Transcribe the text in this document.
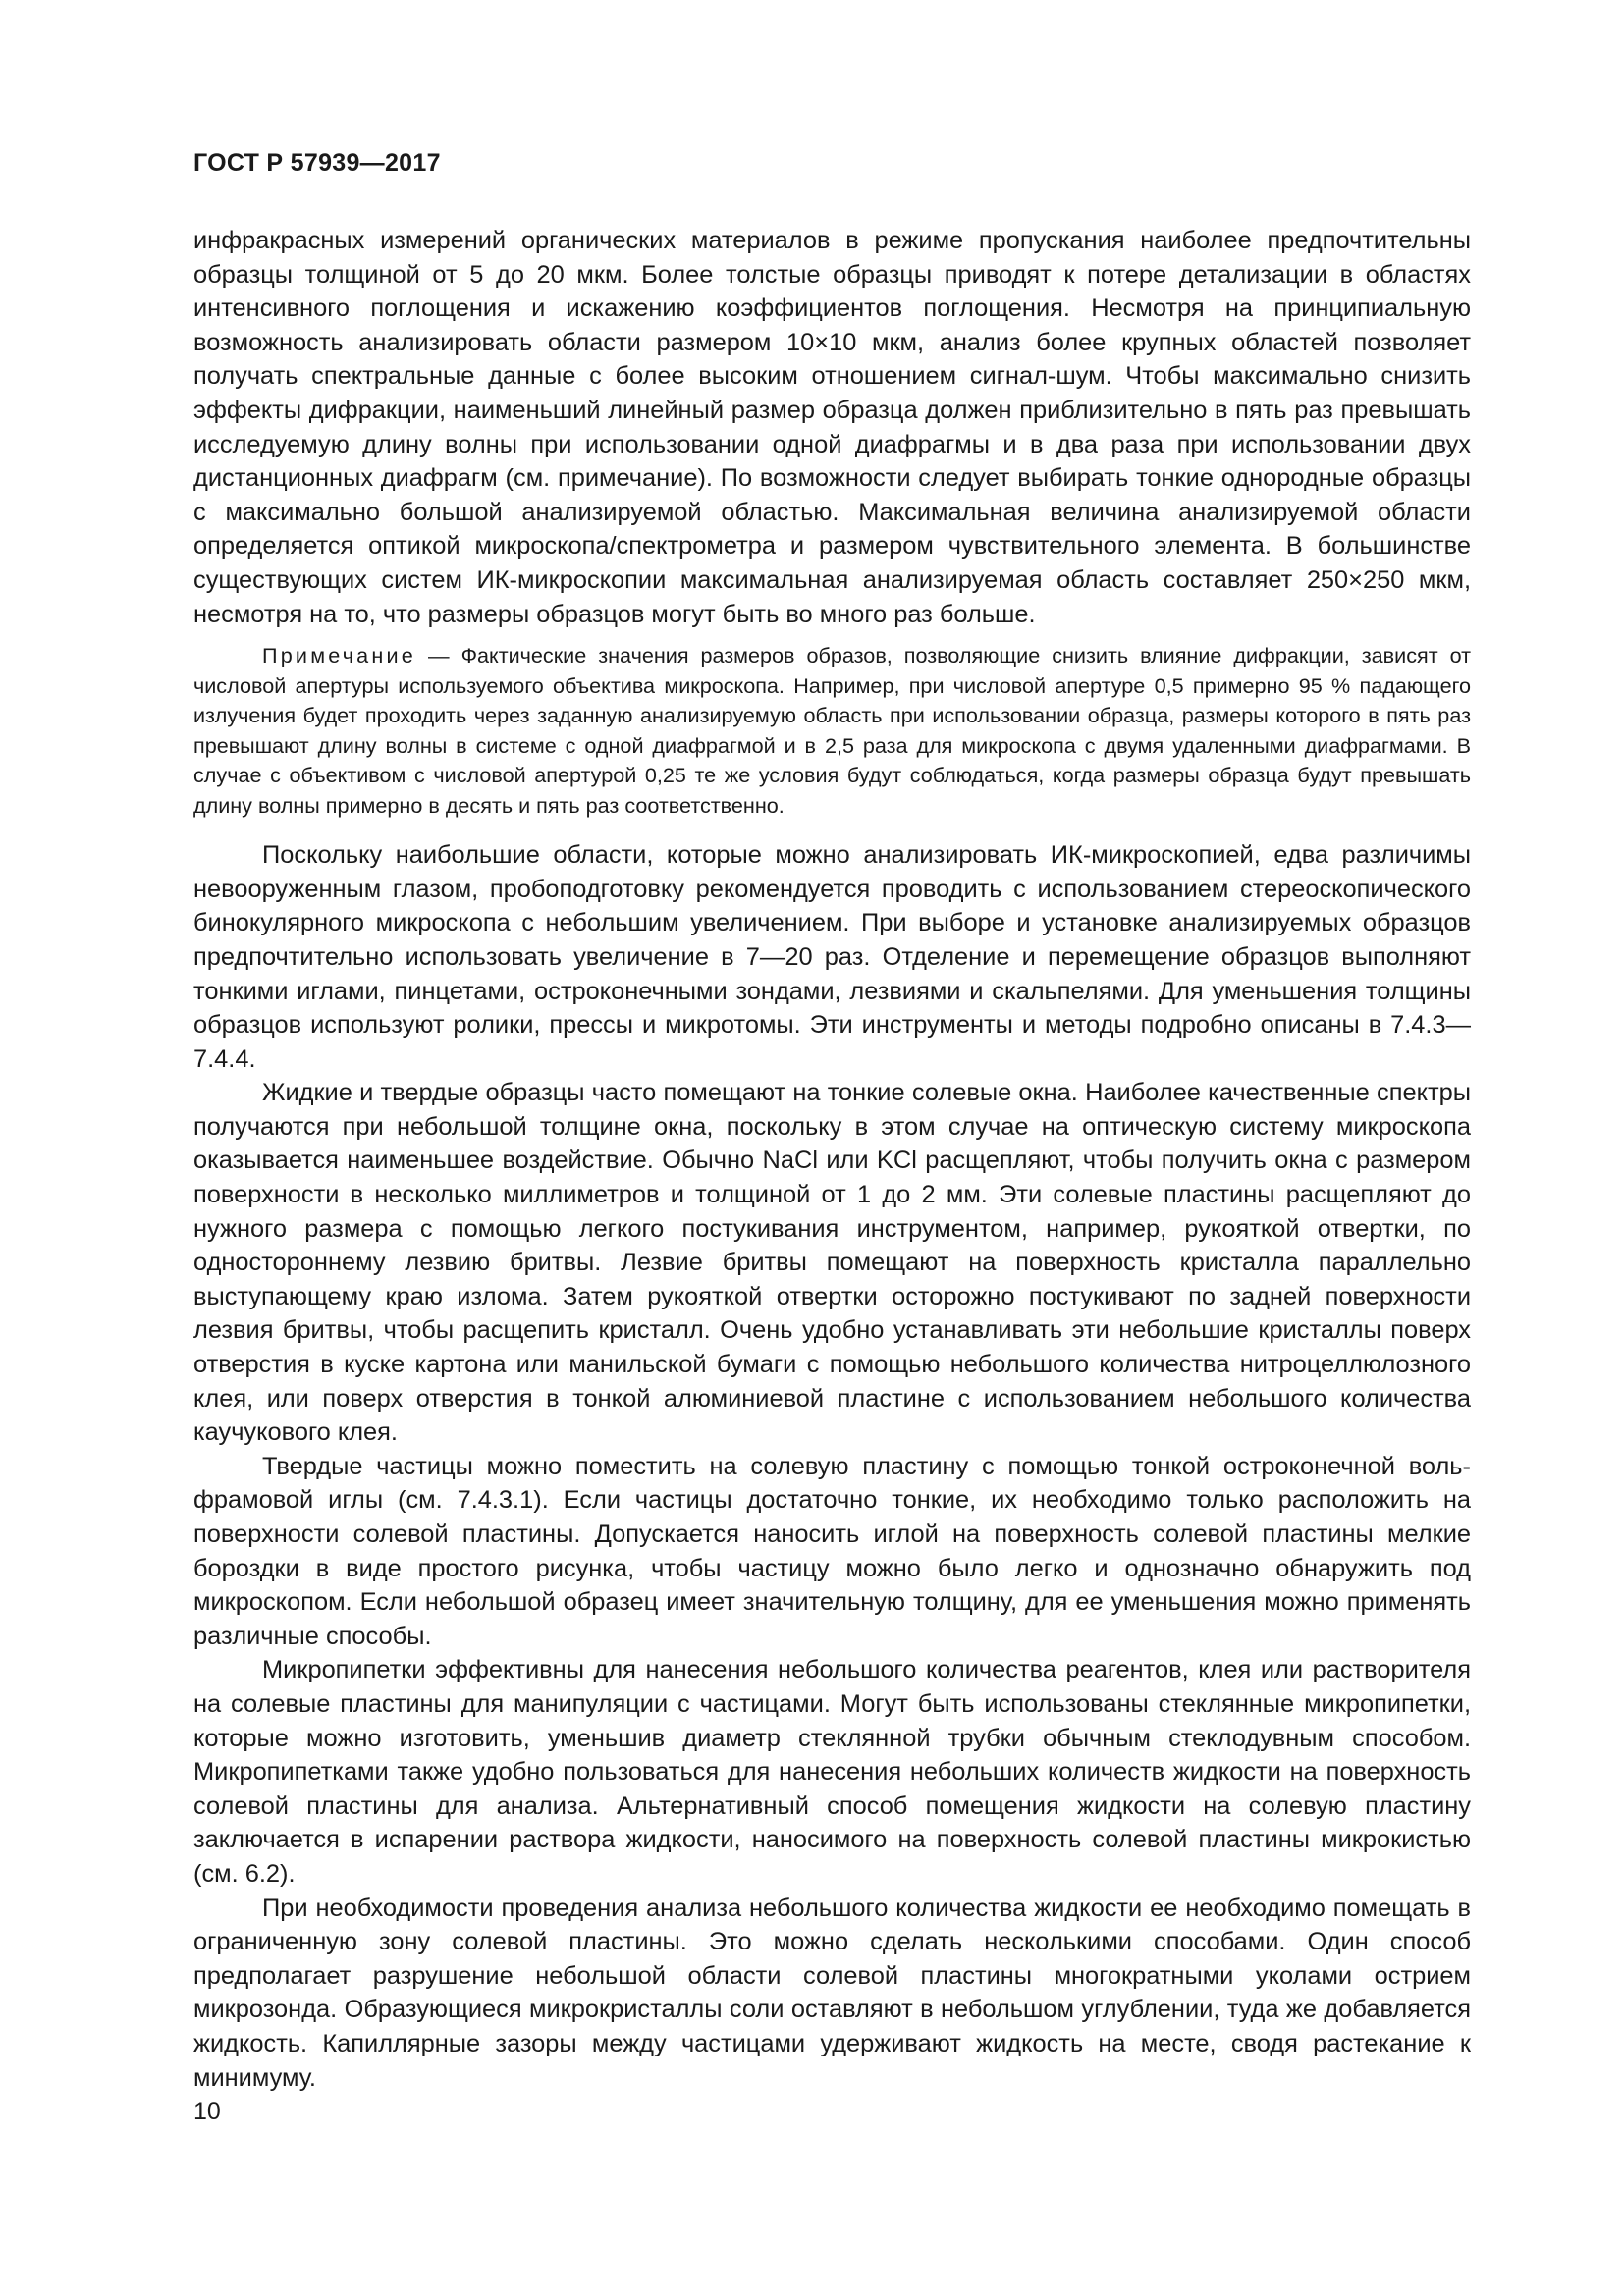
ГОСТ Р 57939—2017

инфракрасных измерений органических материалов в режиме пропускания наиболее предпочтительны образцы толщиной от 5 до 20 мкм. Более толстые образцы приводят к потере детализации в областях интенсивного поглощения и искажению коэффициентов поглощения. Несмотря на принципиальную возможность анализировать области размером 10×10 мкм, анализ более крупных областей позволяет получать спектральные данные с более высоким отношением сигнал-шум. Чтобы максимально снизить эффекты дифракции, наименьший линейный размер образца должен приблизительно в пять раз превышать исследуемую длину волны при использовании одной диафрагмы и в два раза при использовании двух дистанционных диафрагм (см. примечание). По возможности следует выбирать тонкие однородные образцы с максимально большой анализируемой областью. Максимальная величина анализируемой области определяется оптикой микроскопа/спектрометра и размером чувствительного элемента. В большинстве существующих систем ИК-микроскопии максимальная анализируемая область составляет 250×250 мкм, несмотря на то, что размеры образцов могут быть во много раз больше.

Примечание — Фактические значения размеров образов, позволяющие снизить влияние дифракции, зависят от числовой апертуры используемого объектива микроскопа. Например, при числовой апертуре 0,5 примерно 95 % падающего излучения будет проходить через заданную анализируемую область при использовании образца, размеры которого в пять раз превышают длину волны в системе с одной диафрагмой и в 2,5 раза для микроскопа с двумя удаленными диафрагмами. В случае с объективом с числовой апертурой 0,25 те же условия будут соблюдаться, когда размеры образца будут превышать длину волны примерно в десять и пять раз соответственно.

Поскольку наибольшие области, которые можно анализировать ИК-микроскопией, едва различимы невооруженным глазом, пробоподготовку рекомендуется проводить с использованием стереоскопического бинокулярного микроскопа с небольшим увеличением. При выборе и установке анализируемых образцов предпочтительно использовать увеличение в 7—20 раз. Отделение и перемещение образцов выполняют тонкими иглами, пинцетами, остроконечными зондами, лезвиями и скальпелями. Для уменьшения толщины образцов используют ролики, прессы и микротомы. Эти инструменты и методы подробно описаны в 7.4.3—7.4.4.

Жидкие и твердые образцы часто помещают на тонкие солевые окна. Наиболее качественные спектры получаются при небольшой толщине окна, поскольку в этом случае на оптическую систему микроскопа оказывается наименьшее воздействие. Обычно NaCl или KCl расщепляют, чтобы получить окна с размером поверхности в несколько миллиметров и толщиной от 1 до 2 мм. Эти солевые пластины расщепляют до нужного размера с помощью легкого постукивания инструментом, например, рукояткой отвертки, по одностороннему лезвию бритвы. Лезвие бритвы помещают на поверхность кристалла параллельно выступающему краю излома. Затем рукояткой отвертки осторожно постукивают по задней поверхности лезвия бритвы, чтобы расщепить кристалл. Очень удобно устанавливать эти небольшие кристаллы поверх отверстия в куске картона или манильской бумаги с помощью небольшого количества нитроцеллюлозного клея, или поверх отверстия в тонкой алюминиевой пластине с использованием небольшого количества каучукового клея.

Твердые частицы можно поместить на солевую пластину с помощью тонкой остроконечной вольфрамовой иглы (см. 7.4.3.1). Если частицы достаточно тонкие, их необходимо только расположить на поверхности солевой пластины. Допускается наносить иглой на поверхность солевой пластины мелкие бороздки в виде простого рисунка, чтобы частицу можно было легко и однозначно обнаружить под микроскопом. Если небольшой образец имеет значительную толщину, для ее уменьшения можно применять различные способы.

Микропипетки эффективны для нанесения небольшого количества реагентов, клея или растворителя на солевые пластины для манипуляции с частицами. Могут быть использованы стеклянные микропипетки, которые можно изготовить, уменьшив диаметр стеклянной трубки обычным стеклодувным способом. Микропипетками также удобно пользоваться для нанесения небольших количеств жидкости на поверхность солевой пластины для анализа. Альтернативный способ помещения жидкости на солевую пластину заключается в испарении раствора жидкости, наносимого на поверхность солевой пластины микрокистью (см. 6.2).

При необходимости проведения анализа небольшого количества жидкости ее необходимо помещать в ограниченную зону солевой пластины. Это можно сделать несколькими способами. Один способ предполагает разрушение небольшой области солевой пластины многократными уколами острием микрозонда. Образующиеся микрокристаллы соли оставляют в небольшом углублении, туда же добавляется жидкость. Капиллярные зазоры между частицами удерживают жидкость на месте, сводя растекание к минимуму.

10
